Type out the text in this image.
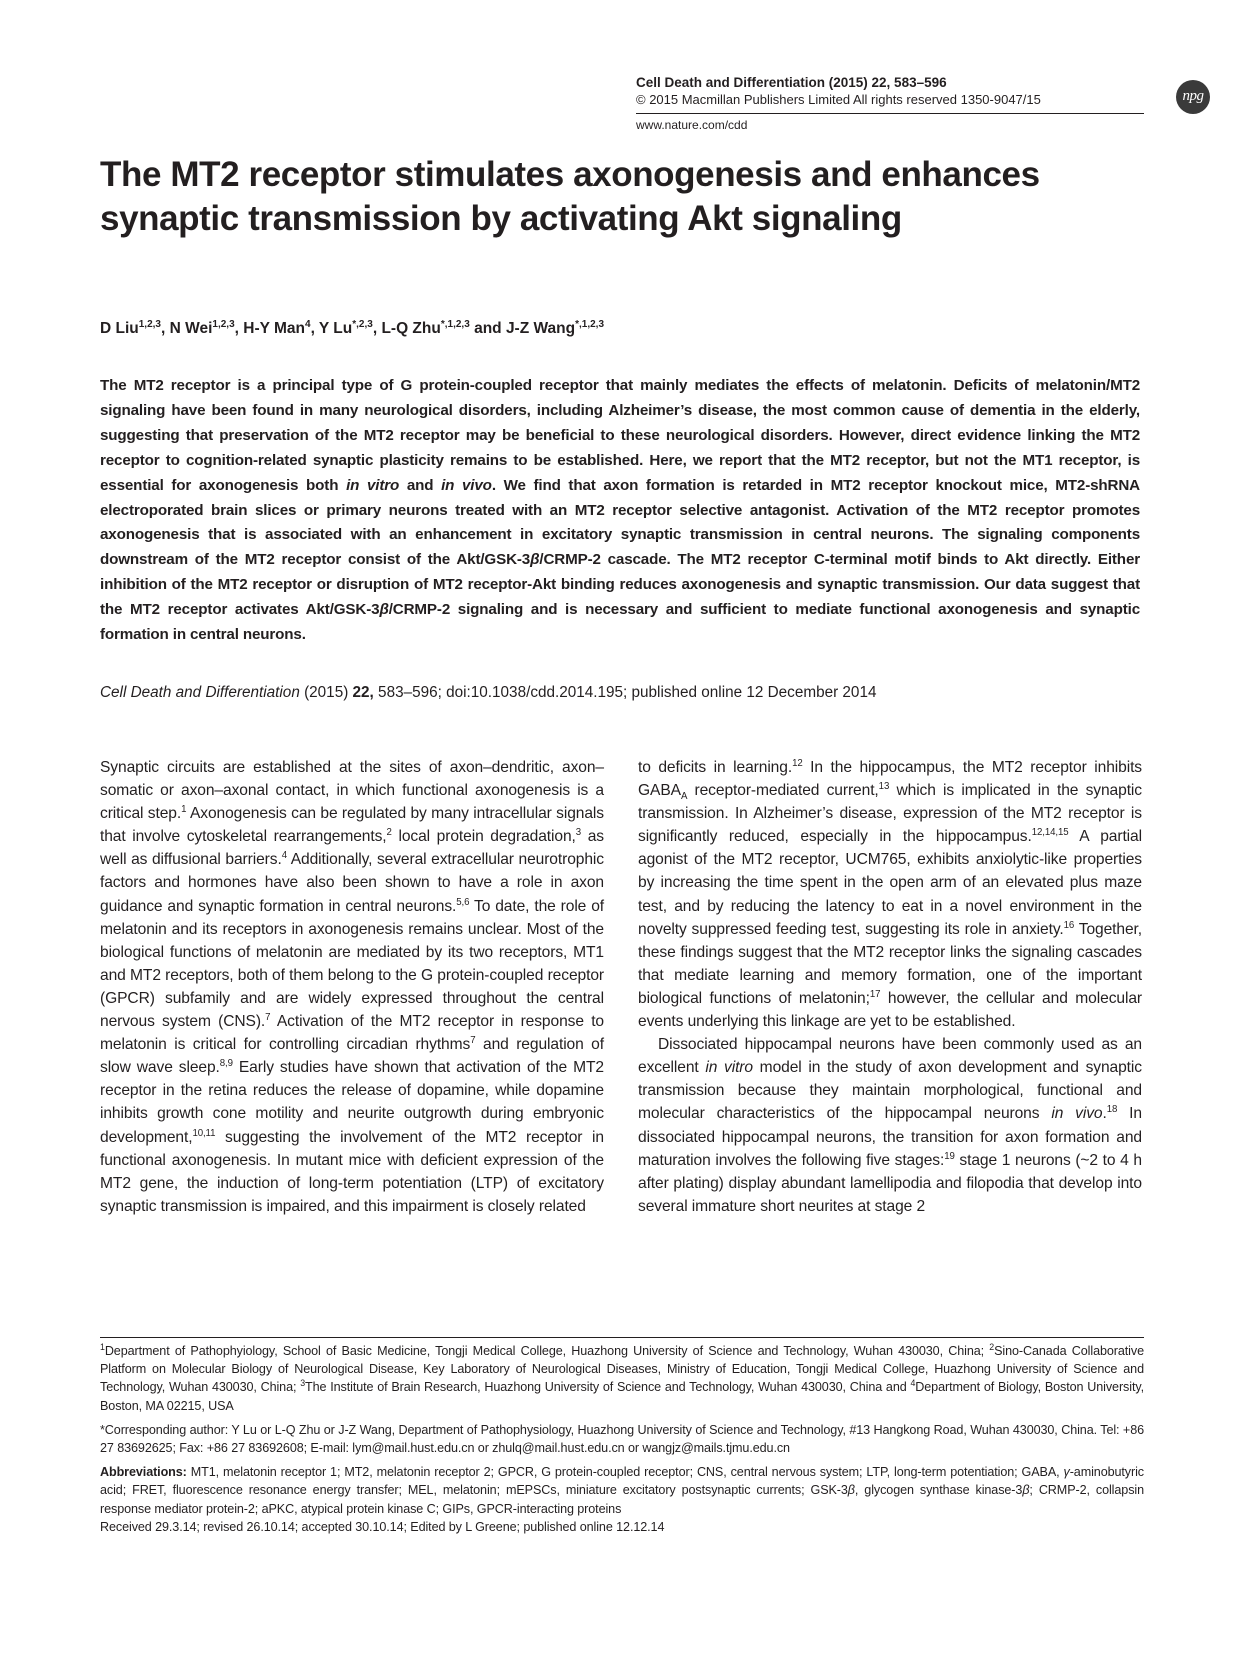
Cell Death and Differentiation (2015) 22, 583–596
© 2015 Macmillan Publishers Limited All rights reserved 1350-9047/15
www.nature.com/cdd
npg
The MT2 receptor stimulates axonogenesis and enhances synaptic transmission by activating Akt signaling
D Liu$^{1,2,3}$, N Wei$^{1,2,3}$, H-Y Man$^4$, Y $Lu^{*,2,3}$, L-Q Zhu$^{*,1,2,3}$ and J-Z Wang$^{*,1,2,3}$
The MT2 receptor is a principal type of G protein-coupled receptor that mainly mediates the effects of melatonin. Deficits of melatonin/MT2 signaling have been found in many neurological disorders, including Alzheimer’s disease, the most common cause of dementia in the elderly, suggesting that preservation of the MT2 receptor may be beneficial to these neurological disorders. However, direct evidence linking the MT2 receptor to cognition-related synaptic plasticity remains to be established. Here, we report that the MT2 receptor, but not the MT1 receptor, is essential for axonogenesis both in vitro and in vivo. We find that axon formation is retarded in MT2 receptor knockout mice, MT2-shRNA electroporated brain slices or primary neurons treated with an MT2 receptor selective antagonist. Activation of the MT2 receptor promotes axonogenesis that is associated with an enhancement in excitatory synaptic transmission in central neurons. The signaling components downstream of the MT2 receptor consist of the Akt/GSK-3β/CRMP-2 cascade. The MT2 receptor C-terminal motif binds to Akt directly. Either inhibition of the MT2 receptor or disruption of MT2 receptor-Akt binding reduces axonogenesis and synaptic transmission. Our data suggest that the MT2 receptor activates Akt/GSK-3β/CRMP-2 signaling and is necessary and sufficient to mediate functional axonogenesis and synaptic formation in central neurons.
Cell Death and Differentiation (2015) 22, 583–596; doi:10.1038/cdd.2014.195; published online 12 December 2014

Synaptic circuits are established at the sites of axon–dendritic, axon–somatic or axon–axonal contact, in which functional axonogenesis is a critical step.$^1$ Axonogenesis can be regulated by many intracellular signals that involve cytoskeletal rearrangements,$^2$ local protein degradation,$^3$ as well as diffusional barriers.$^4$ Additionally, several extracellular neurotrophic factors and hormones have also been shown to have a role in axon guidance and synaptic formation in central neurons.$^{5,6}$ To date, the role of melatonin and its receptors in axonogenesis remains unclear. Most of the biological functions of melatonin are mediated by its two receptors, MT1 and MT2 receptors, both of them belong to the G protein-coupled receptor (GPCR) subfamily and are widely expressed throughout the central nervous system (CNS).$^7$ Activation of the MT2 receptor in response to melatonin is critical for controlling circadian rhythms$^7$ and regulation of slow wave sleep.$^{8,9}$ Early studies have shown that activation of the MT2 receptor in the retina reduces the release of dopamine, while dopamine inhibits growth cone motility and neurite outgrowth during embryonic development,$^{10,11}$ suggesting the involvement of the MT2 receptor in functional axonogenesis. In mutant mice with deficient expression of the MT2 gene, the induction of long-term potentiation (LTP) of excitatory synaptic transmission is impaired, and this impairment is closely related

to deficits in learning.$^{12}$ In the hippocampus, the MT2 receptor inhibits $GABA_A$ receptor-mediated current,$^{13}$ which is implicated in the synaptic transmission. In Alzheimer’s disease, expression of the MT2 receptor is significantly reduced, especially in the hippocampus.$^{12,14,15}$ A partial agonist of the MT2 receptor, UCM765, exhibits anxiolytic-like properties by increasing the time spent in the open arm of an elevated plus maze test, and by reducing the latency to eat in a novel environment in the novelty suppressed feeding test, suggesting its role in anxiety.$^{16}$ Together, these findings suggest that the MT2 receptor links the signaling cascades that mediate learning and memory formation, one of the important biological functions of melatonin;$^{17}$ however, the cellular and molecular events underlying this linkage are yet to be established.

Dissociated hippocampal neurons have been commonly used as an excellent in vitro model in the study of axon development and synaptic transmission because they maintain morphological, functional and molecular characteristics of the hippocampal neurons in vivo.$^{18}$ In dissociated hippocampal neurons, the transition for axon formation and maturation involves the following five stages:$^{19}$ stage 1 neurons (~2 to 4 h after plating) display abundant lamellipodia and filopodia that develop into several immature short neurites at stage 2

$^1$Department of Pathophyiology, School of Basic Medicine, Tongji Medical College, Huazhong University of Science and Technology, Wuhan 430030, China; $^2$Sino-Canada Collaborative Platform on Molecular Biology of Neurological Disease, Key Laboratory of Neurological Diseases, Ministry of Education, Tongji Medical College, Huazhong University of Science and Technology, Wuhan 430030, China; $^3$The Institute of Brain Research, Huazhong University of Science and Technology, Wuhan 430030, China and $^4$Department of Biology, Boston University, Boston, MA 02215, USA

*Corresponding author: Y Lu or L-Q Zhu or J-Z Wang, Department of Pathophysiology, Huazhong University of Science and Technology, #13 Hangkong Road, Wuhan 430030, China. Tel: +86 27 83692625; Fax: +86 27 83692608; E-mail: lym@mail.hust.edu.cn or zhulq@mail.hust.edu.cn or wangjz@mails.tjmu.edu.cn

Abbreviations: MT1, melatonin receptor 1; MT2, melatonin receptor 2; GPCR, G protein-coupled receptor; CNS, central nervous system; LTP, long-term potentiation; GABA, γ-aminobutyric acid; FRET, fluorescence resonance energy transfer; MEL, melatonin; mEPSCs, miniature excitatory postsynaptic currents; GSK-3β, glycogen synthase kinase-3β; CRMP-2, collapsin response mediator protein-2; aPKC, atypical protein kinase C; GIPs, GPCR-interacting proteins

Received 29.3.14; revised 26.10.14; accepted 30.10.14; Edited by L Greene; published online 12.12.14
